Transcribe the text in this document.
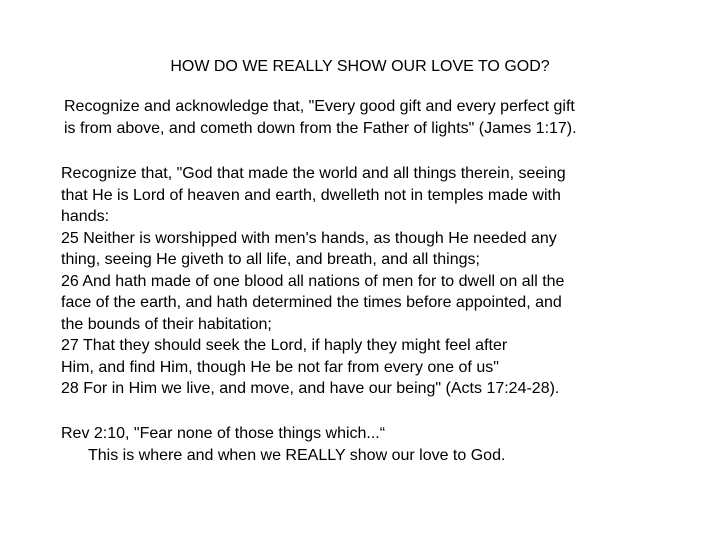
HOW DO WE REALLY SHOW OUR LOVE TO GOD?
Recognize and acknowledge that, "Every good gift and every perfect gift
is from above, and cometh down from the Father of lights" (James 1:17).
Recognize that, "God that made the world and all things therein, seeing
that He is Lord of heaven and earth, dwelleth not in temples made with
hands:
25 Neither is worshipped with men's hands, as though He needed any
thing, seeing He giveth to all life, and breath, and all things;
26 And hath made of one blood all nations of men for to dwell on all the
face of the earth, and hath determined the times before appointed, and
the bounds of their habitation;
27 That they should seek the Lord, if haply they might feel after
Him, and find Him, though He be not far from every one of us"
28 For in Him we live, and move, and have our being" (Acts 17:24-28).
Rev 2:10, "Fear none of those things which...“
This is where and when we REALLY show our love to God.
